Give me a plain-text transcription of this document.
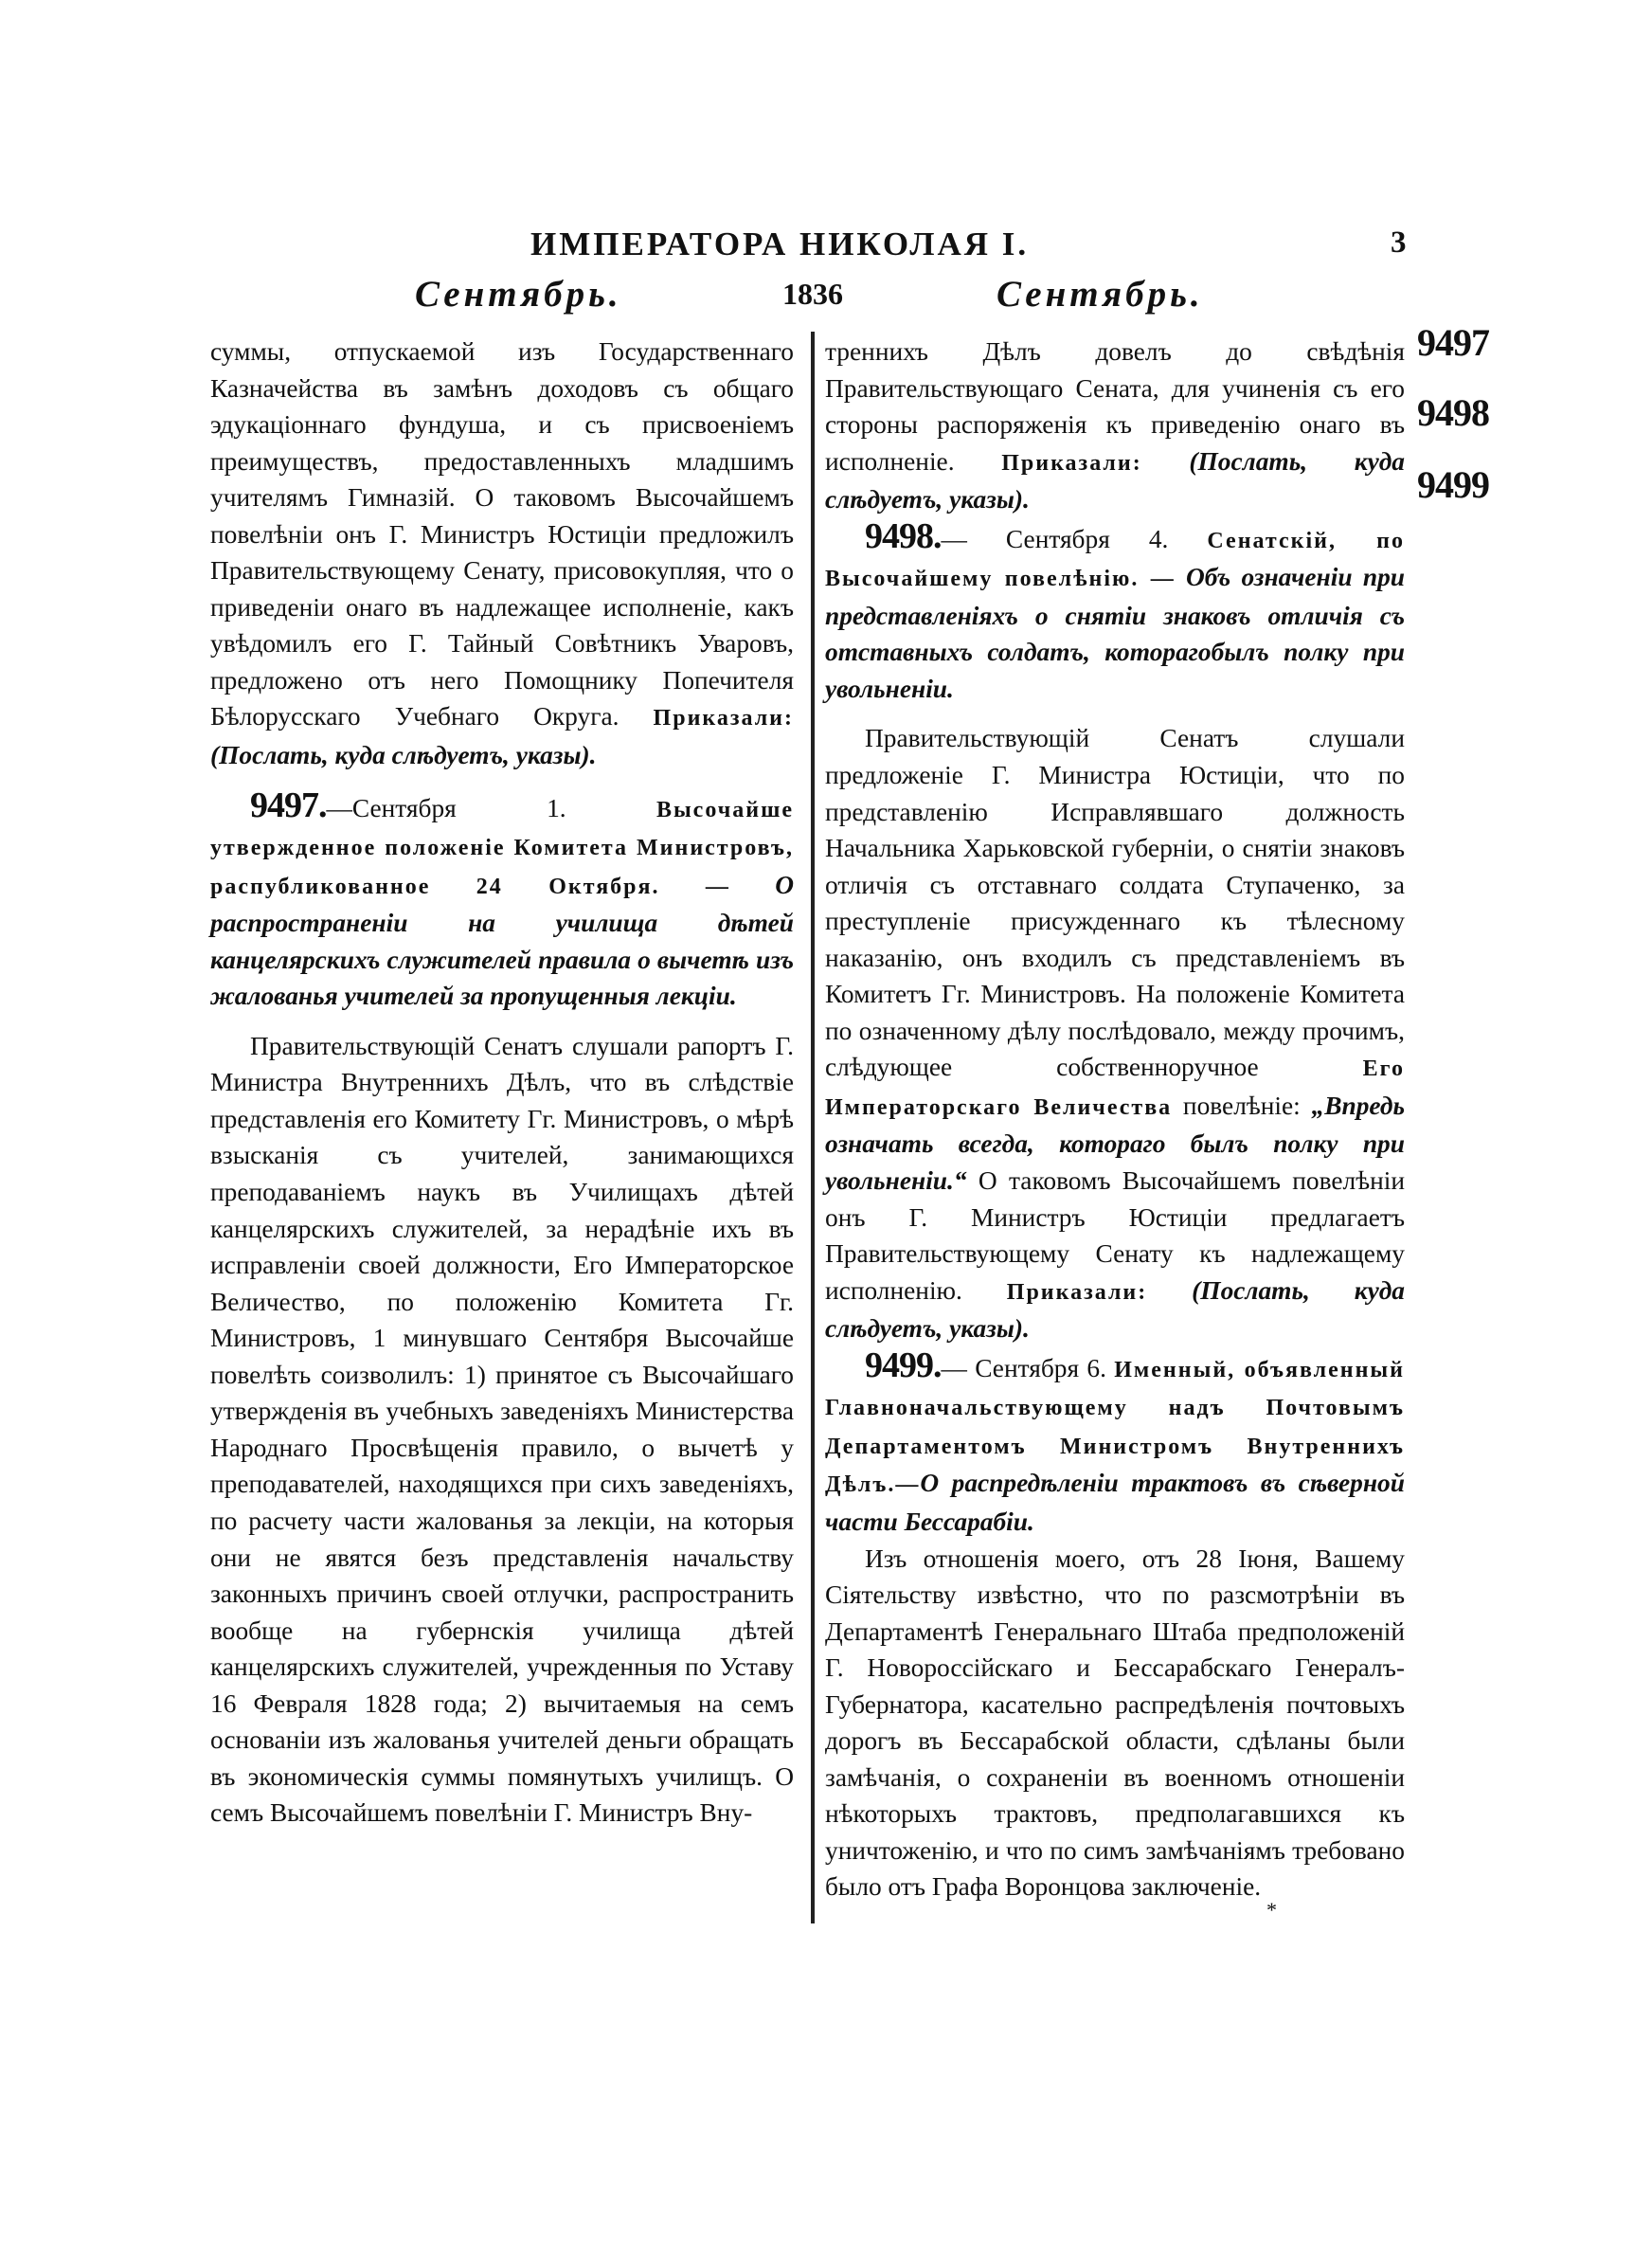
ИМПЕРАТОРА НИКОЛАЯ I.	3
Сентябрь.	1836	Сентябрь.

суммы, отпускаемой изъ Государственнаго Казначейства въ замѣнъ доходовъ съ общаго эдукаціоннаго фундуша, и съ присвоеніемъ преимуществъ, предоставленныхъ младшимъ учителямъ Гимназій. О таковомъ Высочайшемъ повелѣніи онъ Г. Министръ Юстиціи предложилъ Правительствующему Сенату, присовокупляя, что о приведеніи онаго въ надлежащее исполненіе, какъ увѣдомилъ его Г. Тайный Совѣтникъ Уваровъ, предложено отъ него Помощнику Попечителя Бѣлорусскаго Учебнаго Округа. Приказали: (Послать, куда слѣдуетъ, указы).

9497.—Сентября 1.	Высочайше утвержденное положеніе Комитета Министровъ, распубликованное 24 Октября. — О распространеніи на училища дѣтей канцелярскихъ служителей правила о вычетѣ изъ жалованья учителей за пропущенныя лекціи.

Правительствующій Сенатъ слушали рапортъ Г. Министра Внутреннихъ Дѣлъ, что въ слѣдствіе представленія его Комитету Гг. Министровъ, о мѣрѣ взысканія съ учителей, занимающихся преподаваніемъ наукъ въ Училищахъ дѣтей канцелярскихъ служителей, за нерадѣніе ихъ въ исправленіи своей должности, Его Императорское Величество, по положенію Комитета Гг. Министровъ, 1 минувшаго Сентября Высочайше повелѣть соизволилъ: 1) принятое съ Высочайшаго утвержденія въ учебныхъ заведеніяхъ Министерства Народнаго Просвѣщенія правило, о вычетѣ у преподавателей, находящихся при сихъ заведеніяхъ, по расчету части жалованья за лекціи, на которыя они не явятся безъ представленія начальству законныхъ причинъ своей отлучки, распространить вообще на губернскія училища дѣтей канцелярскихъ служителей, учрежденныя по Уставу 16 Февраля 1828 года; 2) вычитаемыя на семъ основаніи изъ жалованья учителей деньги обращать въ экономическія суммы помянутыхъ училищъ. О семъ Высочайшемъ повелѣніи Г. Министръ Вну-

треннихъ Дѣлъ довелъ до свѣдѣнія Правительствующаго Сената, для учиненія съ его стороны распоряженія къ приведенію онаго въ исполненіе. Приказали: (Послать, куда слѣдуетъ, указы).

9498.— Сентября 4. Сенатскій, по Высочайшему повелѣнію. — Объ означеніи при представленіяхъ о снятіи знаковъ отличія съ отставныхъ солдатъ, которагобылъ полку при увольненіи.

Правительствующій Сенатъ слушали предложеніе Г. Министра Юстиціи, что по представленію Исправлявшаго должность Начальника Харьковской губерніи, о снятіи знаковъ отличія съ отставнаго солдата Ступаченко, за преступленіе присужденнаго къ тѣлесному наказанію, онъ входилъ съ представленіемъ въ Комитетъ Гг. Министровъ. На положеніе Комитета по означенному дѣлу послѣдовало, между прочимъ, слѣдующее собственноручное	Его Императорскаго Величества повелѣніе: „Впредь означать всегда, котораго былъ полку при увольненіи.“ О таковомъ Высочайшемъ повелѣніи онъ Г. Министръ Юстиціи предлагаетъ Правительствующему Сенату къ надлежащему исполненію. Приказали: (Послать, куда слѣдуетъ, указы).

9499.— Сентября 6. Именный, объявленный Главноначальствующему надъ Почтовымъ Департаментомъ Министромъ Внутреннихъ Дѣлъ.—О распредѣленіи трактовъ въ сѣверной части Бессарабіи.

Изъ отношенія моего, отъ 28 Іюня, Вашему Сіятельству извѣстно, что по разсмотрѣніи въ Департаментѣ Генеральнаго Штаба предположеній Г. Новороссійскаго и Бессарабскаго Генералъ-Губернатора, касательно распредѣленія почтовыхъ дорогъ въ Бессарабской области, сдѣланы были замѣчанія, о сохраненіи въ военномъ отношеніи нѣкоторыхъ трактовъ, предполагавшихся къ уничтоженію, и что по симъ замѣчаніямъ требовано было отъ Графа Воронцова заключеніе.

9497
9498
9499
*
